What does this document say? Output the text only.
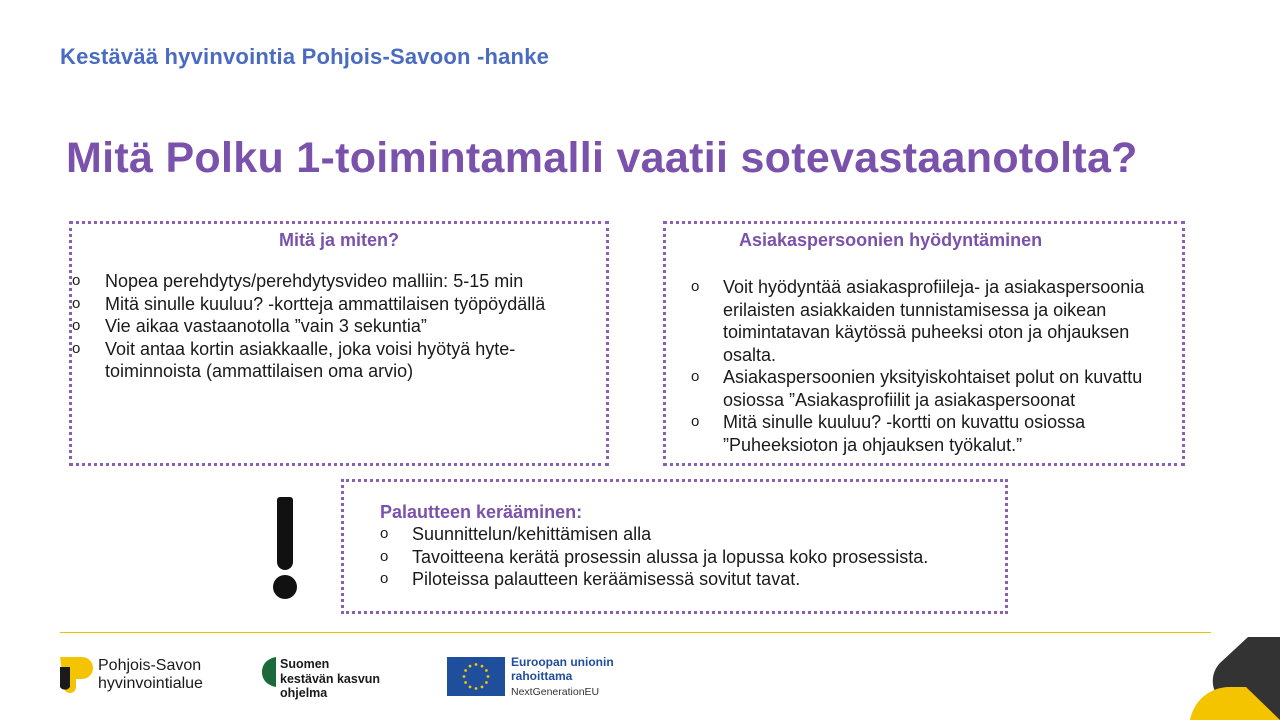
Kestävää hyvinvointia Pohjois-Savoon -hanke
Mitä Polku 1-toimintamalli vaatii sotevastaanotolta?
Mitä ja miten?
o Nopea perehdytys/perehdytysvideo malliin: 5-15 min
o Mitä sinulle kuuluu? -kortteja ammattilaisen työpöydällä
o Vie aikaa vastaanotolla ”vain 3 sekuntia”
o Voit antaa kortin asiakkaalle, joka voisi hyötyä hyte-toiminnoista (ammattilaisen oma arvio)
Asiakaspersoonien hyödyntäminen
o Voit hyödyntää asiakasprofiileja- ja asiakaspersoonia erilaisten asiakkaiden tunnistamisessa ja oikean toimintatavan käytössä puheeksi oton ja ohjauksen osalta.
o Asiakaspersoonien yksityiskohtaiset polut on kuvattu osiossa ”Asiakasprofiilit ja asiakaspersoonat
o Mitä sinulle kuuluu? -kortti on kuvattu osiossa ”Puheeksioton ja ohjauksen työkalut.”
Palautteen kerääminen:
o Suunnittelun/kehittämisen alla
o Tavoitteena kerätä prosessin alussa ja lopussa koko prosessista.
o Piloteissa palautteen keräämisessä sovitut tavat.
Pohjois-Savon
hyvinvointialue
Suomen
kestävän kasvun
ohjelma
Euroopan unionin
rahoittama
NextGenerationEU
